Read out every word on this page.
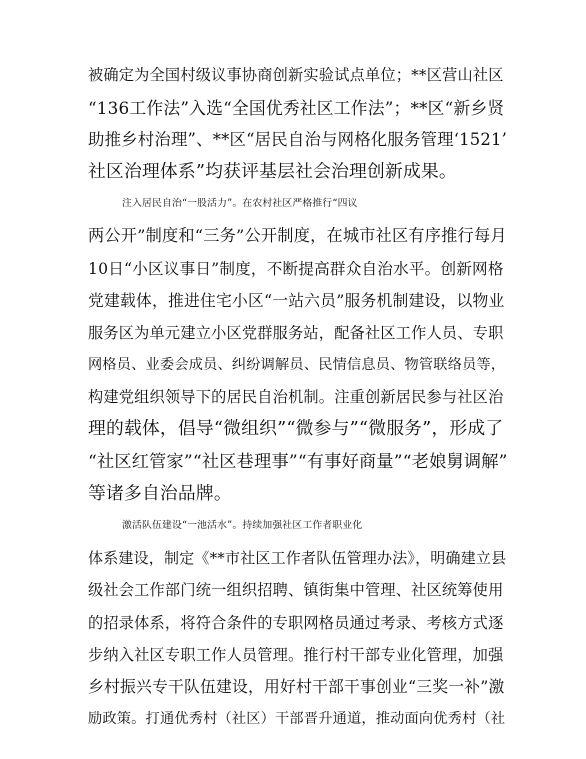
被确定为全国村级议事协商创新实验试点单位；**区营山社区

“136工作法”入选“全国优秀社区工作法”；**区“新乡贤

助推乡村治理”、**区“居民自治与网格化服务管理‘1521’

社区治理体系”均获评基层社会治理创新成果。

注入居民自治“一股活力”。在农村社区严格推行“四议

两公开”制度和“三务”公开制度，在城市社区有序推行每月

10日“小区议事日”制度，不断提高群众自治水平。创新网格

党建载体，推进住宅小区“一站六员”服务机制建设，以物业

服务区为单元建立小区党群服务站，配备社区工作人员、专职

网格员、业委会成员、纠纷调解员、民情信息员、物管联络员等，

构建党组织领导下的居民自治机制。注重创新居民参与社区治

理的载体，倡导“微组织”“微参与”“微服务”，形成了

“社区红管家”“社区巷理事”“有事好商量”“老娘舅调解”

等诸多自治品牌。

激活队伍建设“一池活水”。持续加强社区工作者职业化

体系建设，制定《**市社区工作者队伍管理办法》，明确建立县

级社会工作部门统一组织招聘、镇街集中管理、社区统筹使用

的招录体系，将符合条件的专职网格员通过考录、考核方式逐

步纳入社区专职工作人员管理。推行村干部专业化管理，加强

乡村振兴专干队伍建设，用好村干部干事创业“三奖一补”激

励政策。打通优秀村（社区）干部晋升通道，推动面向优秀村（社
